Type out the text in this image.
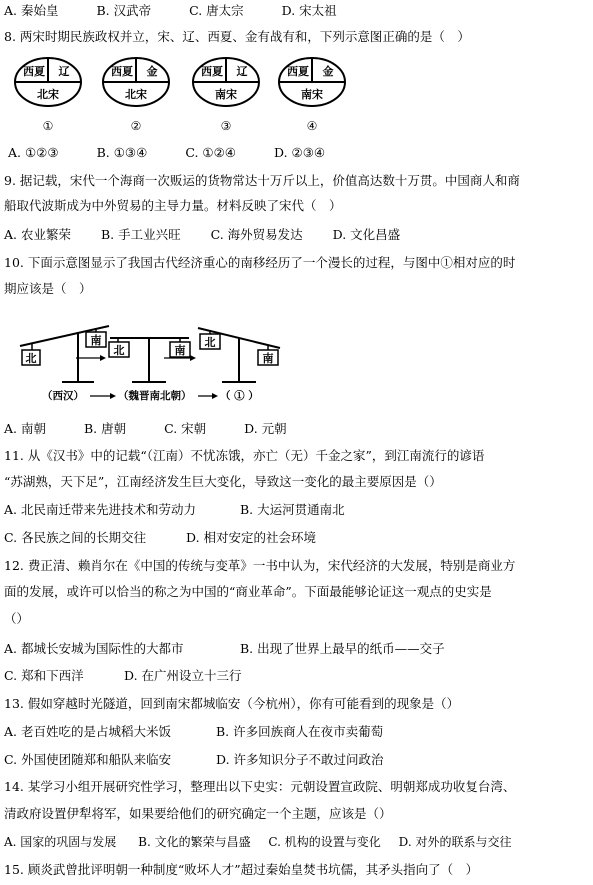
A. 秦始皇	B. 汉武帝	C. 唐太宗	D. 宋太祖
8. 两宋时期民族政权并立，宋、辽、西夏、金有战有和，下列示意图正确的是（　）
西夏 辽
北宋
①
西夏 金
北宋
②
西夏 辽
南宋
③
西夏 金
南宋
④
A. ①②③	B. ①③④	C. ①②④	D. ②③④
9. 据记载，宋代一个海商一次贩运的货物常达十万斤以上，价值高达数十万贯。中国商人和商
船取代波斯成为中外贸易的主导力量。材料反映了宋代（　）
A. 农业繁荣 B. 手工业兴旺 C. 海外贸易发达 D. 文化昌盛
10. 下面示意图显示了我国古代经济重心的南移经历了一个漫长的过程，与图中①相对应的时
期应该是（　）
北
南
北	南
北
南
（西汉）	（魏晋南北朝）	（ ① ）
A. 南朝	B. 唐朝	C. 宋朝	D. 元朝
11. 从《汉书》中的记载“（江南）不忧冻饿，亦亡（无）千金之家”，到江南流行的谚语
“苏湖熟，天下足”，江南经济发生巨大变化，导致这一变化的最主要原因是（）
A. 北民南迁带来先进技术和劳动力	B. 大运河贯通南北
C. 各民族之间的长期交往	D. 相对安定的社会环境
12. 费正清、赖肖尔在《中国的传统与变革》一书中认为，宋代经济的大发展，特别是商业方
面的发展，或许可以恰当的称之为中国的“商业革命”。下面最能够论证这一观点的史实是
（）
A. 都城长安城为国际性的大都市	B. 出现了世界上最早的纸币——交子
C. 郑和下西洋	D. 在广州设立十三行
13. 假如穿越时光隧道，回到南宋都城临安（今杭州），你有可能看到的现象是（）
A. 老百姓吃的是占城稻大米饭	B. 许多回族商人在夜市卖葡萄
C. 外国使团随郑和船队来临安	D. 许多知识分子不敢过问政治
14. 某学习小组开展研究性学习，整理出以下史实：元朝设置宣政院、明朝郑成功收复台湾、
清政府设置伊犁将军，如果要给他们的研究确定一个主题，应该是（）
A. 国家的巩固与发展 B. 文化的繁荣与昌盛 C. 机构的设置与变化 D. 对外的联系与交往
15. 顾炎武曾批评明朝一种制度“败坏人才”超过秦始皇焚书坑儒，其矛头指向了（　）
